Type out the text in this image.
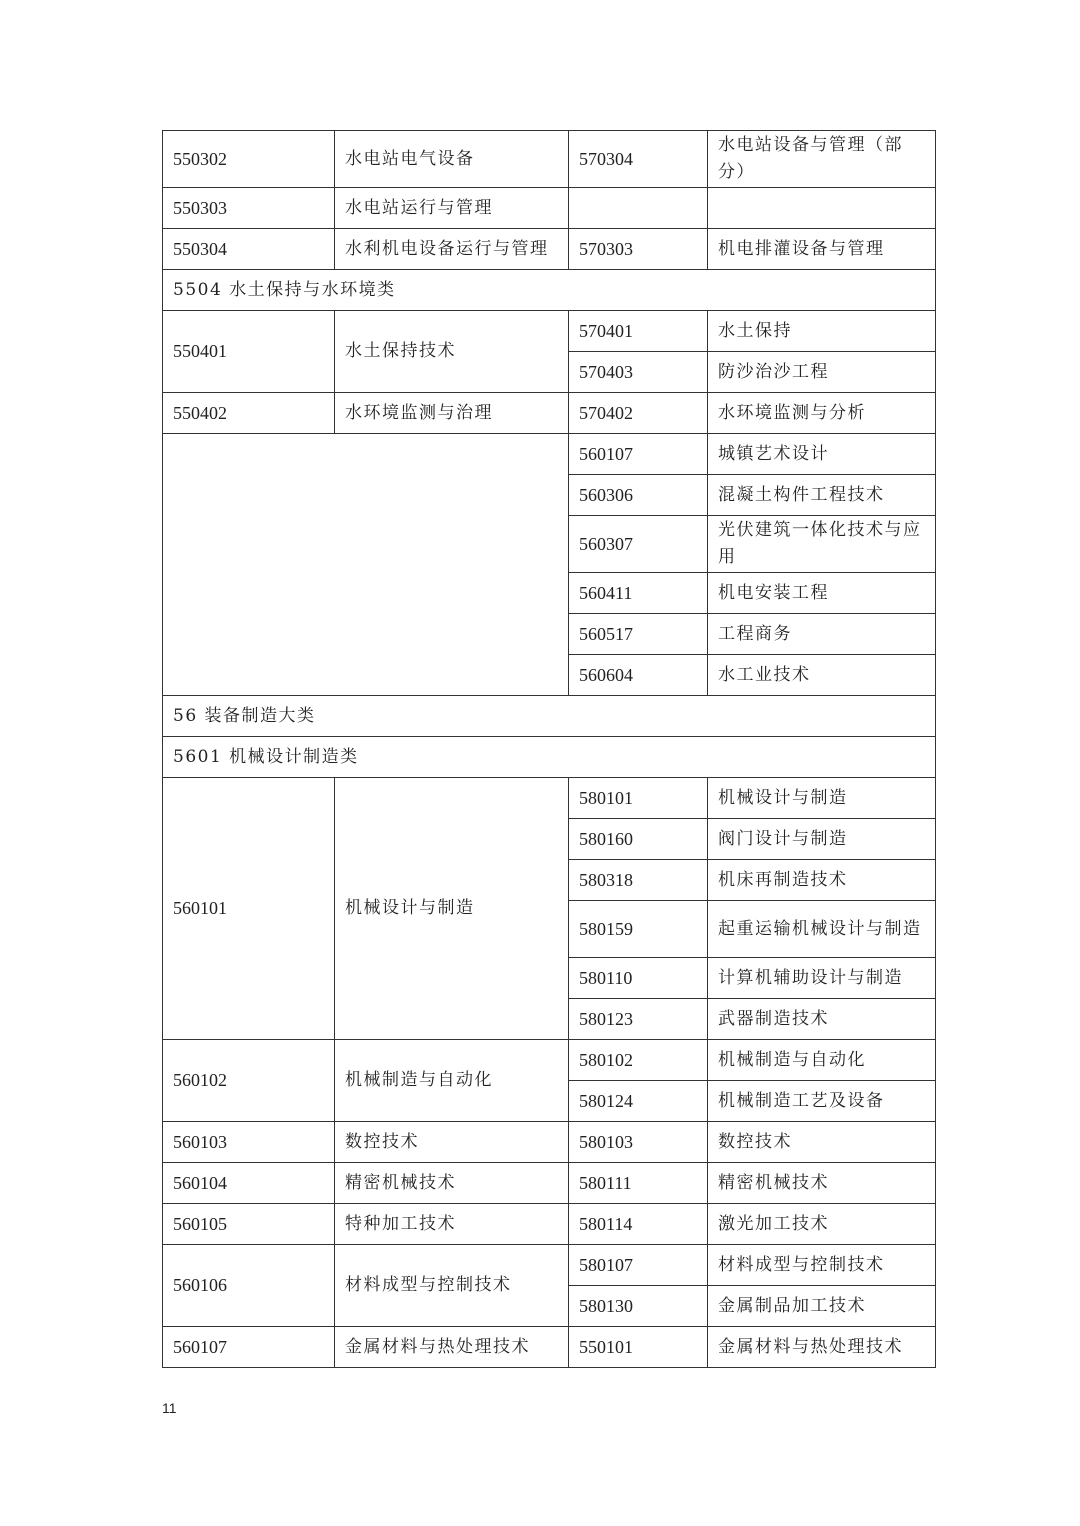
550302	水电站电气设备	570304	水电站设备与管理（部分）
550303	水电站运行与管理		
550304	水利机电设备运行与管理	570303	机电排灌设备与管理
5504 水土保持与水环境类			
550401	水土保持技术	570401	水土保持
		570403	防沙治沙工程
550402	水环境监测与治理	570402	水环境监测与分析
		560107	城镇艺术设计
		560306	混凝土构件工程技术
		560307	光伏建筑一体化技术与应用
		560411	机电安装工程
		560517	工程商务
		560604	水工业技术
56 装备制造大类			
5601 机械设计制造类			
560101	机械设计与制造	580101	机械设计与制造
		580160	阀门设计与制造
		580318	机床再制造技术
		580159	起重运输机械设计与制造
		580110	计算机辅助设计与制造
		580123	武器制造技术
560102	机械制造与自动化	580102	机械制造与自动化
		580124	机械制造工艺及设备
560103	数控技术	580103	数控技术
560104	精密机械技术	580111	精密机械技术
560105	特种加工技术	580114	激光加工技术
560106	材料成型与控制技术	580107	材料成型与控制技术
		580130	金属制品加工技术
560107	金属材料与热处理技术	550101	金属材料与热处理技术
11
